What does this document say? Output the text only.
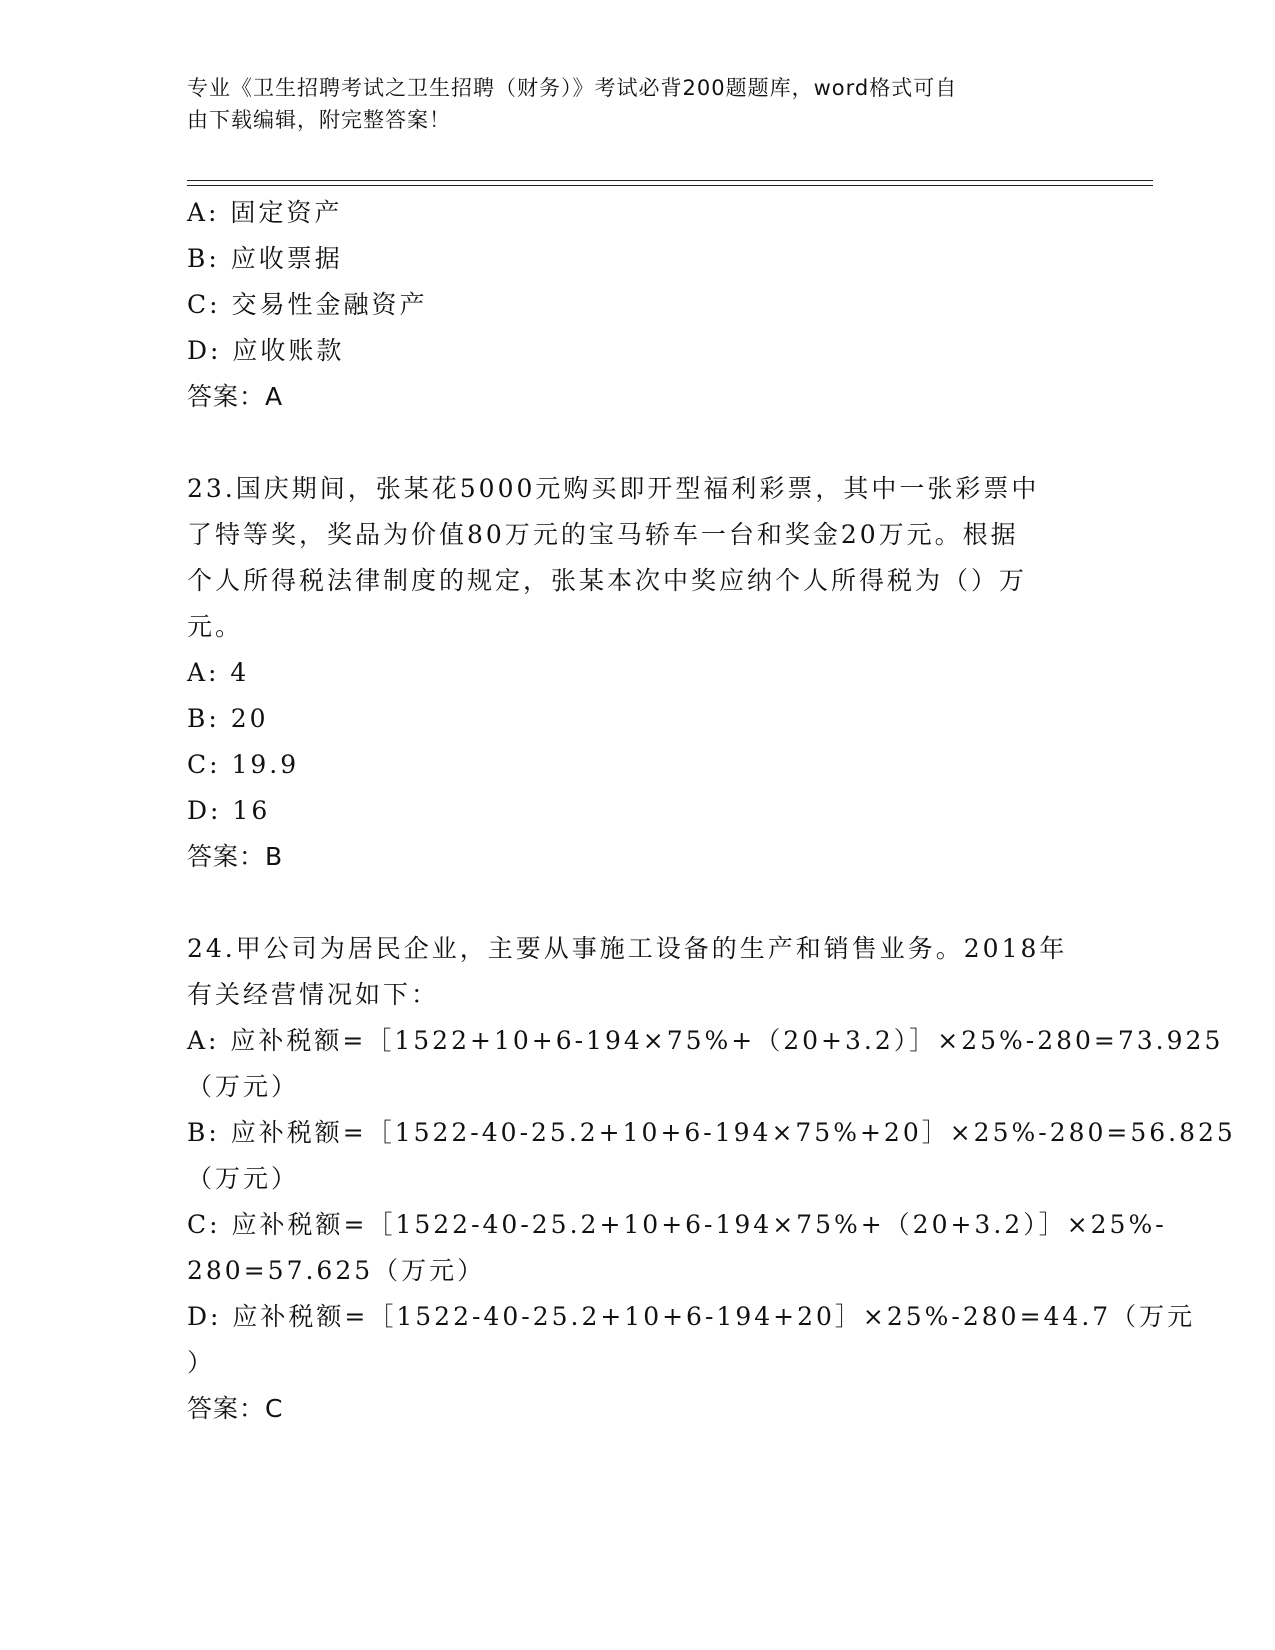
专业《卫生招聘考试之卫生招聘（财务）》考试必背200题题库，word格式可自
由下载编辑，附完整答案！
A: 固定资产
B: 应收票据
C: 交易性金融资产
D: 应收账款
答案：A
23.国庆期间，张某花5000元购买即开型福利彩票，其中一张彩票中
了特等奖，奖品为价值80万元的宝马轿车一台和奖金20万元。根据
个人所得税法律制度的规定，张某本次中奖应纳个人所得税为（）万
元。
A: 4
B: 20
C: 19.9
D: 16
答案：B
24.甲公司为居民企业，主要从事施工设备的生产和销售业务。2018年
有关经营情况如下：
A: 应补税额=［1522+10+6-194×75%+（20+3.2）］×25%-280=73.925
（万元）
B: 应补税额=［1522-40-25.2+10+6-194×75%+20］×25%-280=56.825
（万元）
C: 应补税额=［1522-40-25.2+10+6-194×75%+（20+3.2）］×25%-
280=57.625（万元）
D: 应补税额=［1522-40-25.2+10+6-194+20］×25%-280=44.7（万元
）
答案：C
